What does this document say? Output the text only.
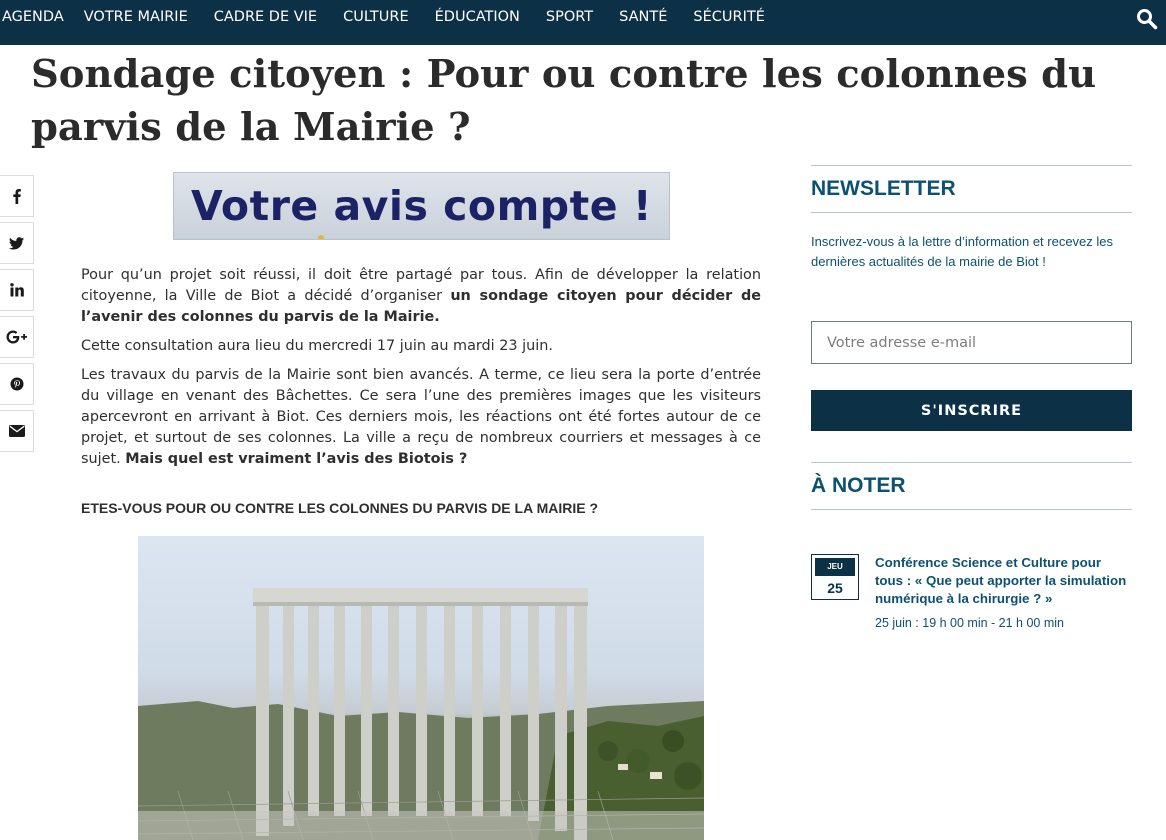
AGENDA VOTRE MAIRIE CADRE DE VIE CULTURE ÉDUCATION SPORT SANTÉ SÉCURITÉ
Sondage citoyen : Pour ou contre les colonnes du parvis de la Mairie ?
Votre avis compte !

Pour qu’un projet soit réussi, il doit être partagé par tous. Afin de développer la relation citoyenne, la Ville de Biot a décidé d’organiser un sondage citoyen pour décider de l’avenir des colonnes du parvis de la Mairie.

Cette consultation aura lieu du mercredi 17 juin au mardi 23 juin.

Les travaux du parvis de la Mairie sont bien avancés. A terme, ce lieu sera la porte d’entrée du village en venant des Bâchettes. Ce sera l’une des premières images que les visiteurs apercevront en arrivant à Biot. Ces derniers mois, les réactions ont été fortes autour de ce projet, et surtout de ses colonnes. La ville a reçu de nombreux courriers et messages à ce sujet. Mais quel est vraiment l’avis des Biotois ?

ETES-VOUS POUR OU CONTRE LES COLONNES DU PARVIS DE LA MAIRIE ?

NEWSLETTER

Inscrivez-vous à la lettre d’information et recevez les dernières actualités de la mairie de Biot !

Votre adresse e-mail
S'INSCRIRE
À NOTER
JEU
25
Conférence Science et Culture pour tous : « Que peut apporter la simulation numérique à la chirurgie ? »
25 juin : 19 h 00 min - 21 h 00 min
